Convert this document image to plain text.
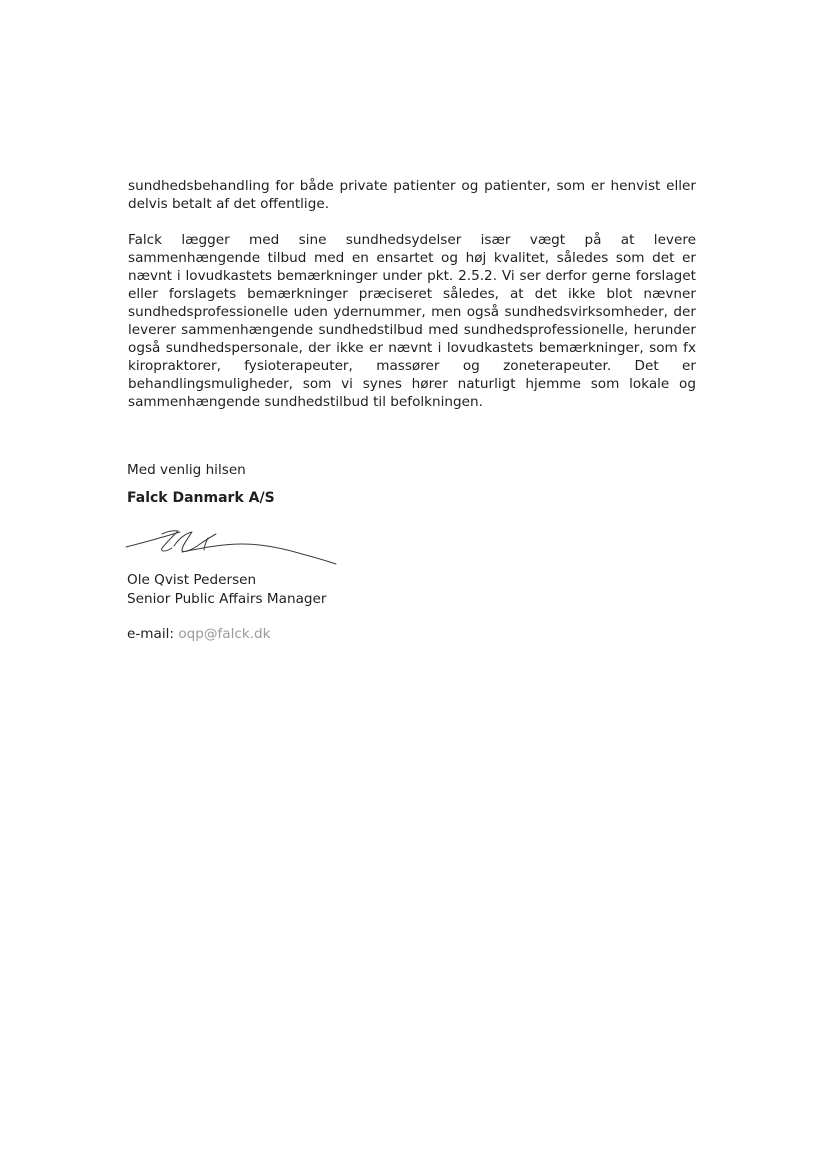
sundhedsbehandling for både private patienter og patienter, som er henvist eller delvis betalt af det offentlige.

Falck lægger med sine sundhedsydelser især vægt på at levere sammenhængende tilbud med en ensartet og høj kvalitet, således som det er nævnt i lovudkastets bemærkninger under pkt. 2.5.2. Vi ser derfor gerne forslaget eller forslagets bemærkninger præciseret således, at det ikke blot nævner sundhedsprofessionelle uden ydernummer, men også sundhedsvirksomheder, der leverer sammenhængende sundhedstilbud med sundhedsprofessionelle, herunder også sundhedspersonale, der ikke er nævnt i lovudkastets bemærkninger, som fx kiropraktorer, fysioterapeuter, massører og zoneterapeuter. Det er behandlingsmuligheder, som vi synes hører naturligt hjemme som lokale og sammenhængende sundhedstilbud til befolkningen.

Med venlig hilsen
Falck Danmark A/S
Ole Qvist Pedersen
Senior Public Affairs Manager
e-mail: oqp@falck.dk
